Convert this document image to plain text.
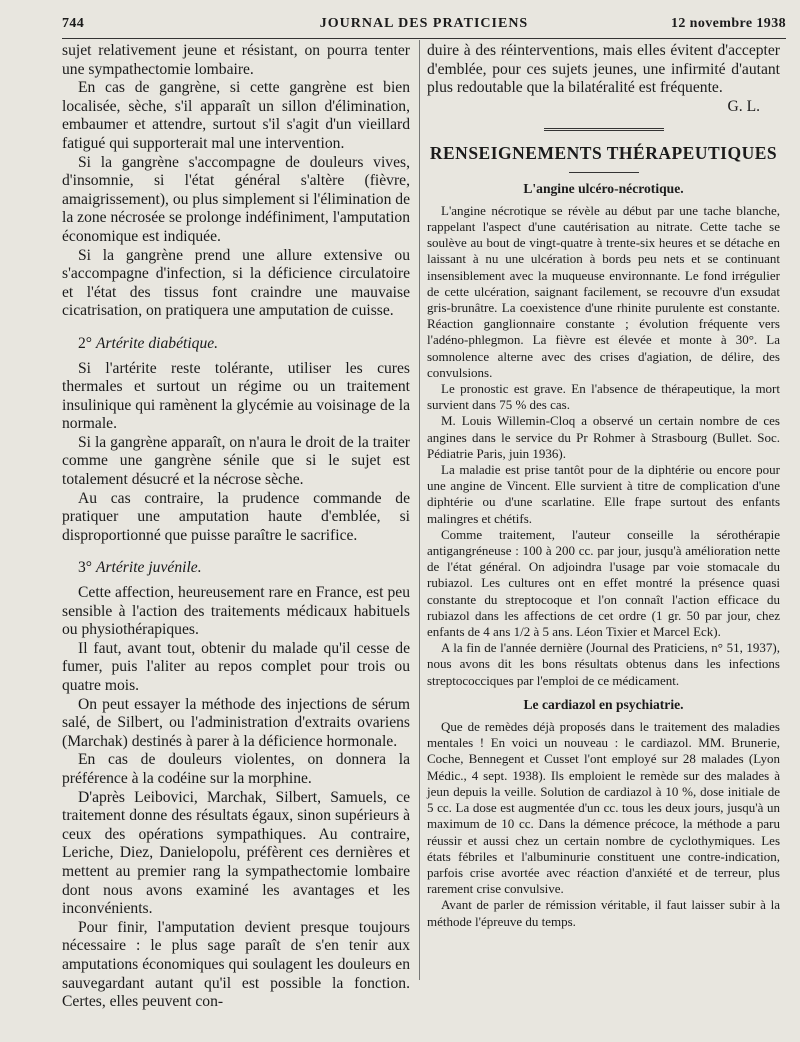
744	JOURNAL DES PRATICIENS	12 novembre 1938

sujet relativement jeune et résistant, on pourra tenter une sympathectomie lombaire.

En cas de gangrène, si cette gangrène est bien localisée, sèche, s'il apparaît un sillon d'élimination, embaumer et attendre, surtout s'il s'agit d'un vieillard fatigué qui supporterait mal une intervention.

Si la gangrène s'accompagne de douleurs vives, d'insomnie, si l'état général s'altère (fièvre, amaigrissement), ou plus simplement si l'élimination de la zone nécrosée se prolonge indéfiniment, l'amputation économique est indiquée.

Si la gangrène prend une allure extensive ou s'accompagne d'infection, si la déficience circulatoire et l'état des tissus font craindre une mauvaise cicatrisation, on pratiquera une amputation de cuisse.

2° Artérite diabétique.

Si l'artérite reste tolérante, utiliser les cures thermales et surtout un régime ou un traitement insulinique qui ramènent la glycémie au voisinage de la normale.

Si la gangrène apparaît, on n'aura le droit de la traiter comme une gangrène sénile que si le sujet est totalement désucré et la nécrose sèche.

Au cas contraire, la prudence commande de pratiquer une amputation haute d'emblée, si disproportionné que puisse paraître le sacrifice.

3° Artérite juvénile.

Cette affection, heureusement rare en France, est peu sensible à l'action des traitements médicaux habituels ou physiothérapiques.

Il faut, avant tout, obtenir du malade qu'il cesse de fumer, puis l'aliter au repos complet pour trois ou quatre mois.

On peut essayer la méthode des injections de sérum salé, de Silbert, ou l'administration d'extraits ovariens (Marchak) destinés à parer à la déficience hormonale.

En cas de douleurs violentes, on donnera la préférence à la codéine sur la morphine.

D'après Leibovici, Marchak, Silbert, Samuels, ce traitement donne des résultats égaux, sinon supérieurs à ceux des opérations sympathiques. Au contraire, Leriche, Diez, Danielopolu, préfèrent ces dernières et mettent au premier rang la sympathectomie lombaire dont nous avons examiné les avantages et les inconvénients.

Pour finir, l'amputation devient presque toujours nécessaire : le plus sage paraît de s'en tenir aux amputations économiques qui soulagent les douleurs en sauvegardant autant qu'il est possible la fonction. Certes, elles peuvent con-

duire à des réinterventions, mais elles évitent d'accepter d'emblée, pour ces sujets jeunes, une infirmité d'autant plus redoutable que la bilatéralité est fréquente.

G. L.

RENSEIGNEMENTS THÉRAPEUTIQUES
L'angine ulcéro-nécrotique.

L'angine nécrotique se révèle au début par une tache blanche, rappelant l'aspect d'une cautérisation au nitrate. Cette tache se soulève au bout de vingt-quatre à trente-six heures et se détache en laissant à nu une ulcération à bords peu nets et se continuant insensiblement avec la muqueuse environnante. Le fond irrégulier de cette ulcération, saignant facilement, se recouvre d'un exsudat gris-brunâtre. La coexistence d'une rhinite purulente est constante. Réaction ganglionnaire constante ; évolution fréquente vers l'adéno-phlegmon. La fièvre est élevée et monte à 30°. La somnolence alterne avec des crises d'agiation, de délire, des convulsions.

Le pronostic est grave. En l'absence de thérapeutique, la mort survient dans 75 % des cas.

M. Louis Willemin-Cloq a observé un certain nombre de ces angines dans le service du Pr Rohmer à Strasbourg (Bullet. Soc. Pédiatrie Paris, juin 1936).

La maladie est prise tantôt pour de la diphtérie ou encore pour une angine de Vincent. Elle survient à titre de complication d'une diphtérie ou d'une scarlatine. Elle frape surtout des enfants malingres et chétifs.

Comme traitement, l'auteur conseille la sérothérapie antigangréneuse : 100 à 200 cc. par jour, jusqu'à amélioration nette de l'état général. On adjoindra l'usage par voie stomacale du rubiazol. Les cultures ont en effet montré la présence quasi constante du streptocoque et l'on connaît l'action efficace du rubiazol dans les affections de cet ordre (1 gr. 50 par jour, chez enfants de 4 ans 1/2 à 5 ans. Léon Tixier et Marcel Eck).

A la fin de l'année dernière (Journal des Praticiens, n° 51, 1937), nous avons dit les bons résultats obtenus dans les infections streptococciques par l'emploi de ce médicament.

Le cardiazol en psychiatrie.

Que de remèdes déjà proposés dans le traitement des maladies mentales ! En voici un nouveau : le cardiazol. MM. Brunerie, Coche, Bennegent et Cusset l'ont employé sur 28 malades (Lyon Médic., 4 sept. 1938). Ils emploient le remède sur des malades à jeun depuis la veille. Solution de cardiazol à 10 %, dose initiale de 5 cc. La dose est augmentée d'un cc. tous les deux jours, jusqu'à un maximum de 10 cc. Dans la démence précoce, la méthode a paru réussir et aussi chez un certain nombre de cyclothymiques. Les états fébriles et l'albuminurie constituent une contre-indication, parfois crise avortée avec réaction d'anxiété et de terreur, plus rarement crise convulsive.

Avant de parler de rémission véritable, il faut laisser subir à la méthode l'épreuve du temps.
